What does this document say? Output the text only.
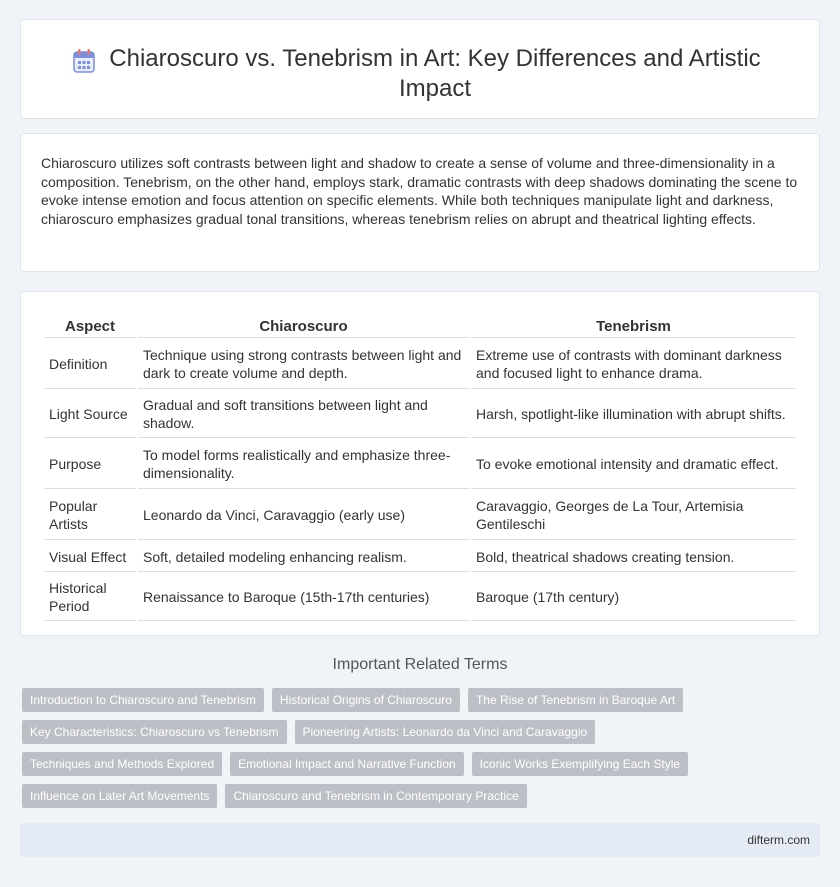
Chiaroscuro vs. Tenebrism in Art: Key Differences and Artistic Impact

Chiaroscuro utilizes soft contrasts between light and shadow to create a sense of volume and three-dimensionality in a composition. Tenebrism, on the other hand, employs stark, dramatic contrasts with deep shadows dominating the scene to evoke intense emotion and focus attention on specific elements. While both techniques manipulate light and darkness, chiaroscuro emphasizes gradual tonal transitions, whereas tenebrism relies on abrupt and theatrical lighting effects.

Aspect	Chiaroscuro	Tenebrism
Definition	Technique using strong contrasts between light and dark to create volume and depth.	Extreme use of contrasts with dominant darkness and focused light to enhance drama.
Light Source	Gradual and soft transitions between light and shadow.	Harsh, spotlight-like illumination with abrupt shifts.
Purpose	To model forms realistically and emphasize three-dimensionality.	To evoke emotional intensity and dramatic effect.
Popular Artists	Leonardo da Vinci, Caravaggio (early use)	Caravaggio, Georges de La Tour, Artemisia Gentileschi
Visual Effect	Soft, detailed modeling enhancing realism.	Bold, theatrical shadows creating tension.
Historical Period	Renaissance to Baroque (15th-17th centuries)	Baroque (17th century)
Important Related Terms
Introduction to Chiaroscuro and Tenebrism	Historical Origins of Chiaroscuro	The Rise of Tenebrism in Baroque Art
Key Characteristics: Chiaroscuro vs Tenebrism	Pioneering Artists: Leonardo da Vinci and Caravaggio
Techniques and Methods Explored	Emotional Impact and Narrative Function	Iconic Works Exemplifying Each Style
Influence on Later Art Movements	Chiaroscuro and Tenebrism in Contemporary Practice
difterm.com
